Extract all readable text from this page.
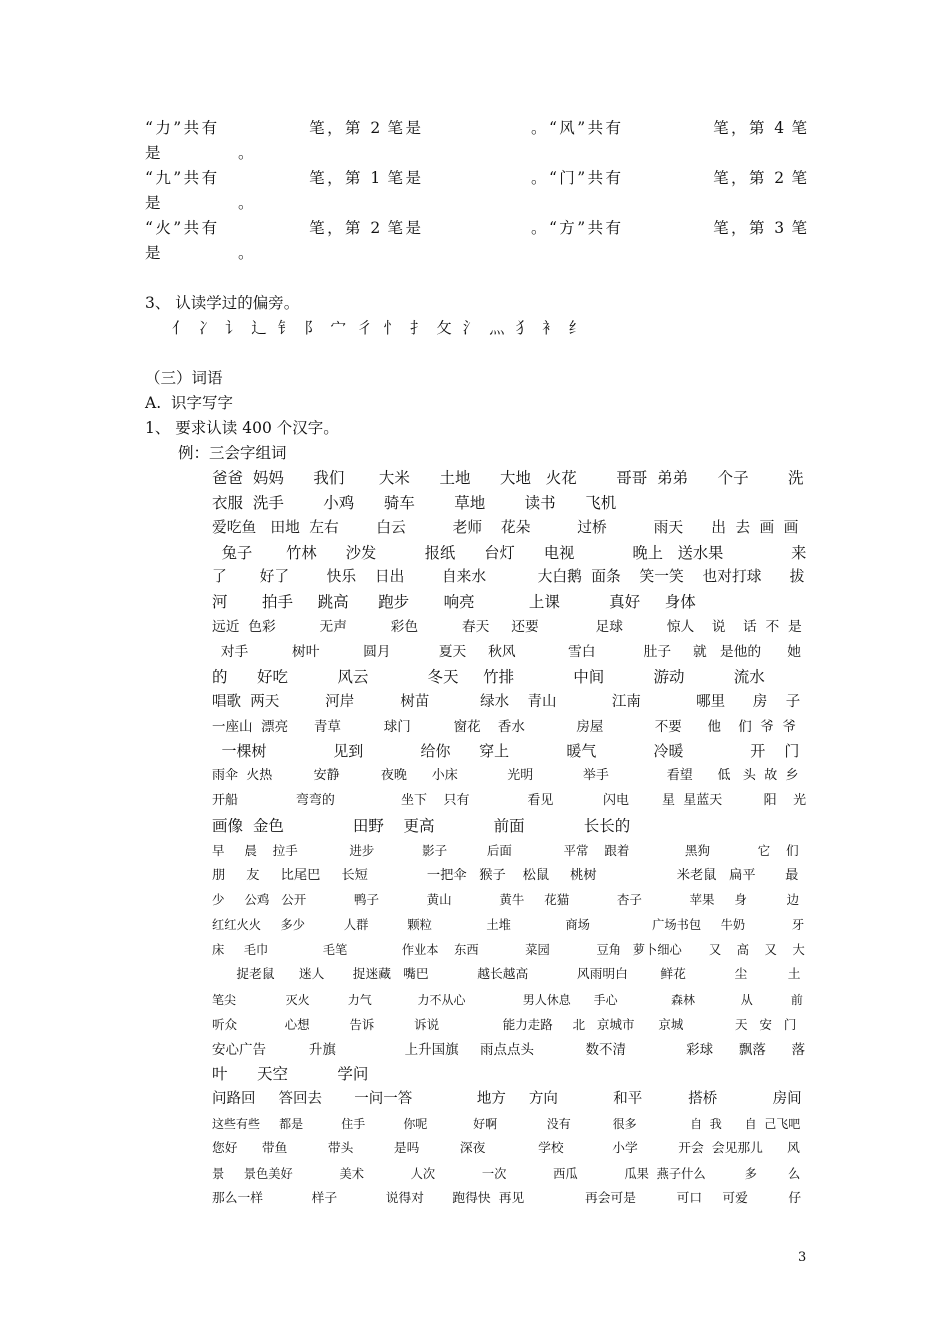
“力”共有　　　　　笔，第 2 笔是　　　　　　。“风”共有　　　　　笔，第 4 笔
是　　　　　。
“九”共有　　　　　笔，第 1 笔是　　　　　　。“门”共有　　　　　笔，第 2 笔
是　　　　　。
“火”共有　　　　　笔，第 2 笔是　　　　　　。“方”共有　　　　　笔，第 3 笔
是　　　　　。
3、 认读学过的偏旁。
亻 冫 讠 辶 钅 阝 宀 彳 忄 扌 攵 氵 灬 犭 衤 纟
（三）词语
A.  识字写字
1、 要求认读 400 个汉字。
例：三会字组词
爸爸  妈妈      我们       大米      土地      大地   火花        哥哥  弟弟      个子        洗
衣服  洗手        小鸡      骑车        草地        读书      飞机
爱吃鱼   田地  左右        白云          老师    花朵          过桥          雨天      出  去  画  画
兔子       竹林      沙发          报纸      台灯      电视            晚上   送水果              来
了       好了        快乐    日出        自来水           大白鹅  面条    笑一笑    也对打球      拔
河       拍手     跳高      跑步       响亮           上课          真好     身体
远近  色彩          无声          彩色          春天     还要             足球          惊人    说    话  不  是
对手          树叶          圆月           夏天     秋风            雪白           肚子     就   是他的      她
的      好吃          风云            冬天     竹排            中间          游动          流水
唱歌  两天          河岸          树苗           绿水    青山            江南            哪里      房    子
一座山  漂亮      青草          球门          窗花    香水            房屋            不要      他    们  爷  爷
一棵树              见到            给你      穿上            暖气            冷暖              开    门
雨伞  火热          安静          夜晚      小床            光明            举手              看望      低   头  故  乡
开船              弯弯的                坐下    只有              看见            闪电        星  星蓝天          阳    光
画像  金色              田野    更高            前面            长长的
早     晨    拉手             进步            影子          后面             平常    跟着              黑狗            它    们
朋     友     比尾巴     长短              一把伞   猴子    松鼠     桃树                   米老鼠   扁平       最
少     公鸡   公开            鸭子            黄山            黄牛     花猫            杏子            苹果     身          边
红红火火     多少          人群          颗粒              土堆              商场                广场书包     牛奶            牙
床     毛巾              毛笔              作业本    东西            菜园            豆角   萝卜细心       又    高    又    大
捉老鼠      迷人       捉迷藏   嘴巴            越长越高            风雨明白        鲜花            尘          土
笔尖             灭火          力气            力不从心               男人休息      手心              森林            从          前
听众            心想          告诉          诉说                能力走路     北   京城市      京城             天   安   门
安心广告          升旗                上升国旗     雨点点头            数不清              彩球      飘落      落
叶      天空          学问
问路回     答回去       一问一答              地方     方向            和平          搭桥            房间
这些有些     都是          住手          你呢            好啊             没有           很多              自  我      自  己飞吧
您好      带鱼          带头          是吗          深夜             学校            小学          开会  会见那儿      风
景     景色美好            美术            人次            一次            西瓜            瓜果  燕子什么          多        么
那么一样            样子            说得对       跑得快  再见               再会可是          可口     可爱          仔
3
